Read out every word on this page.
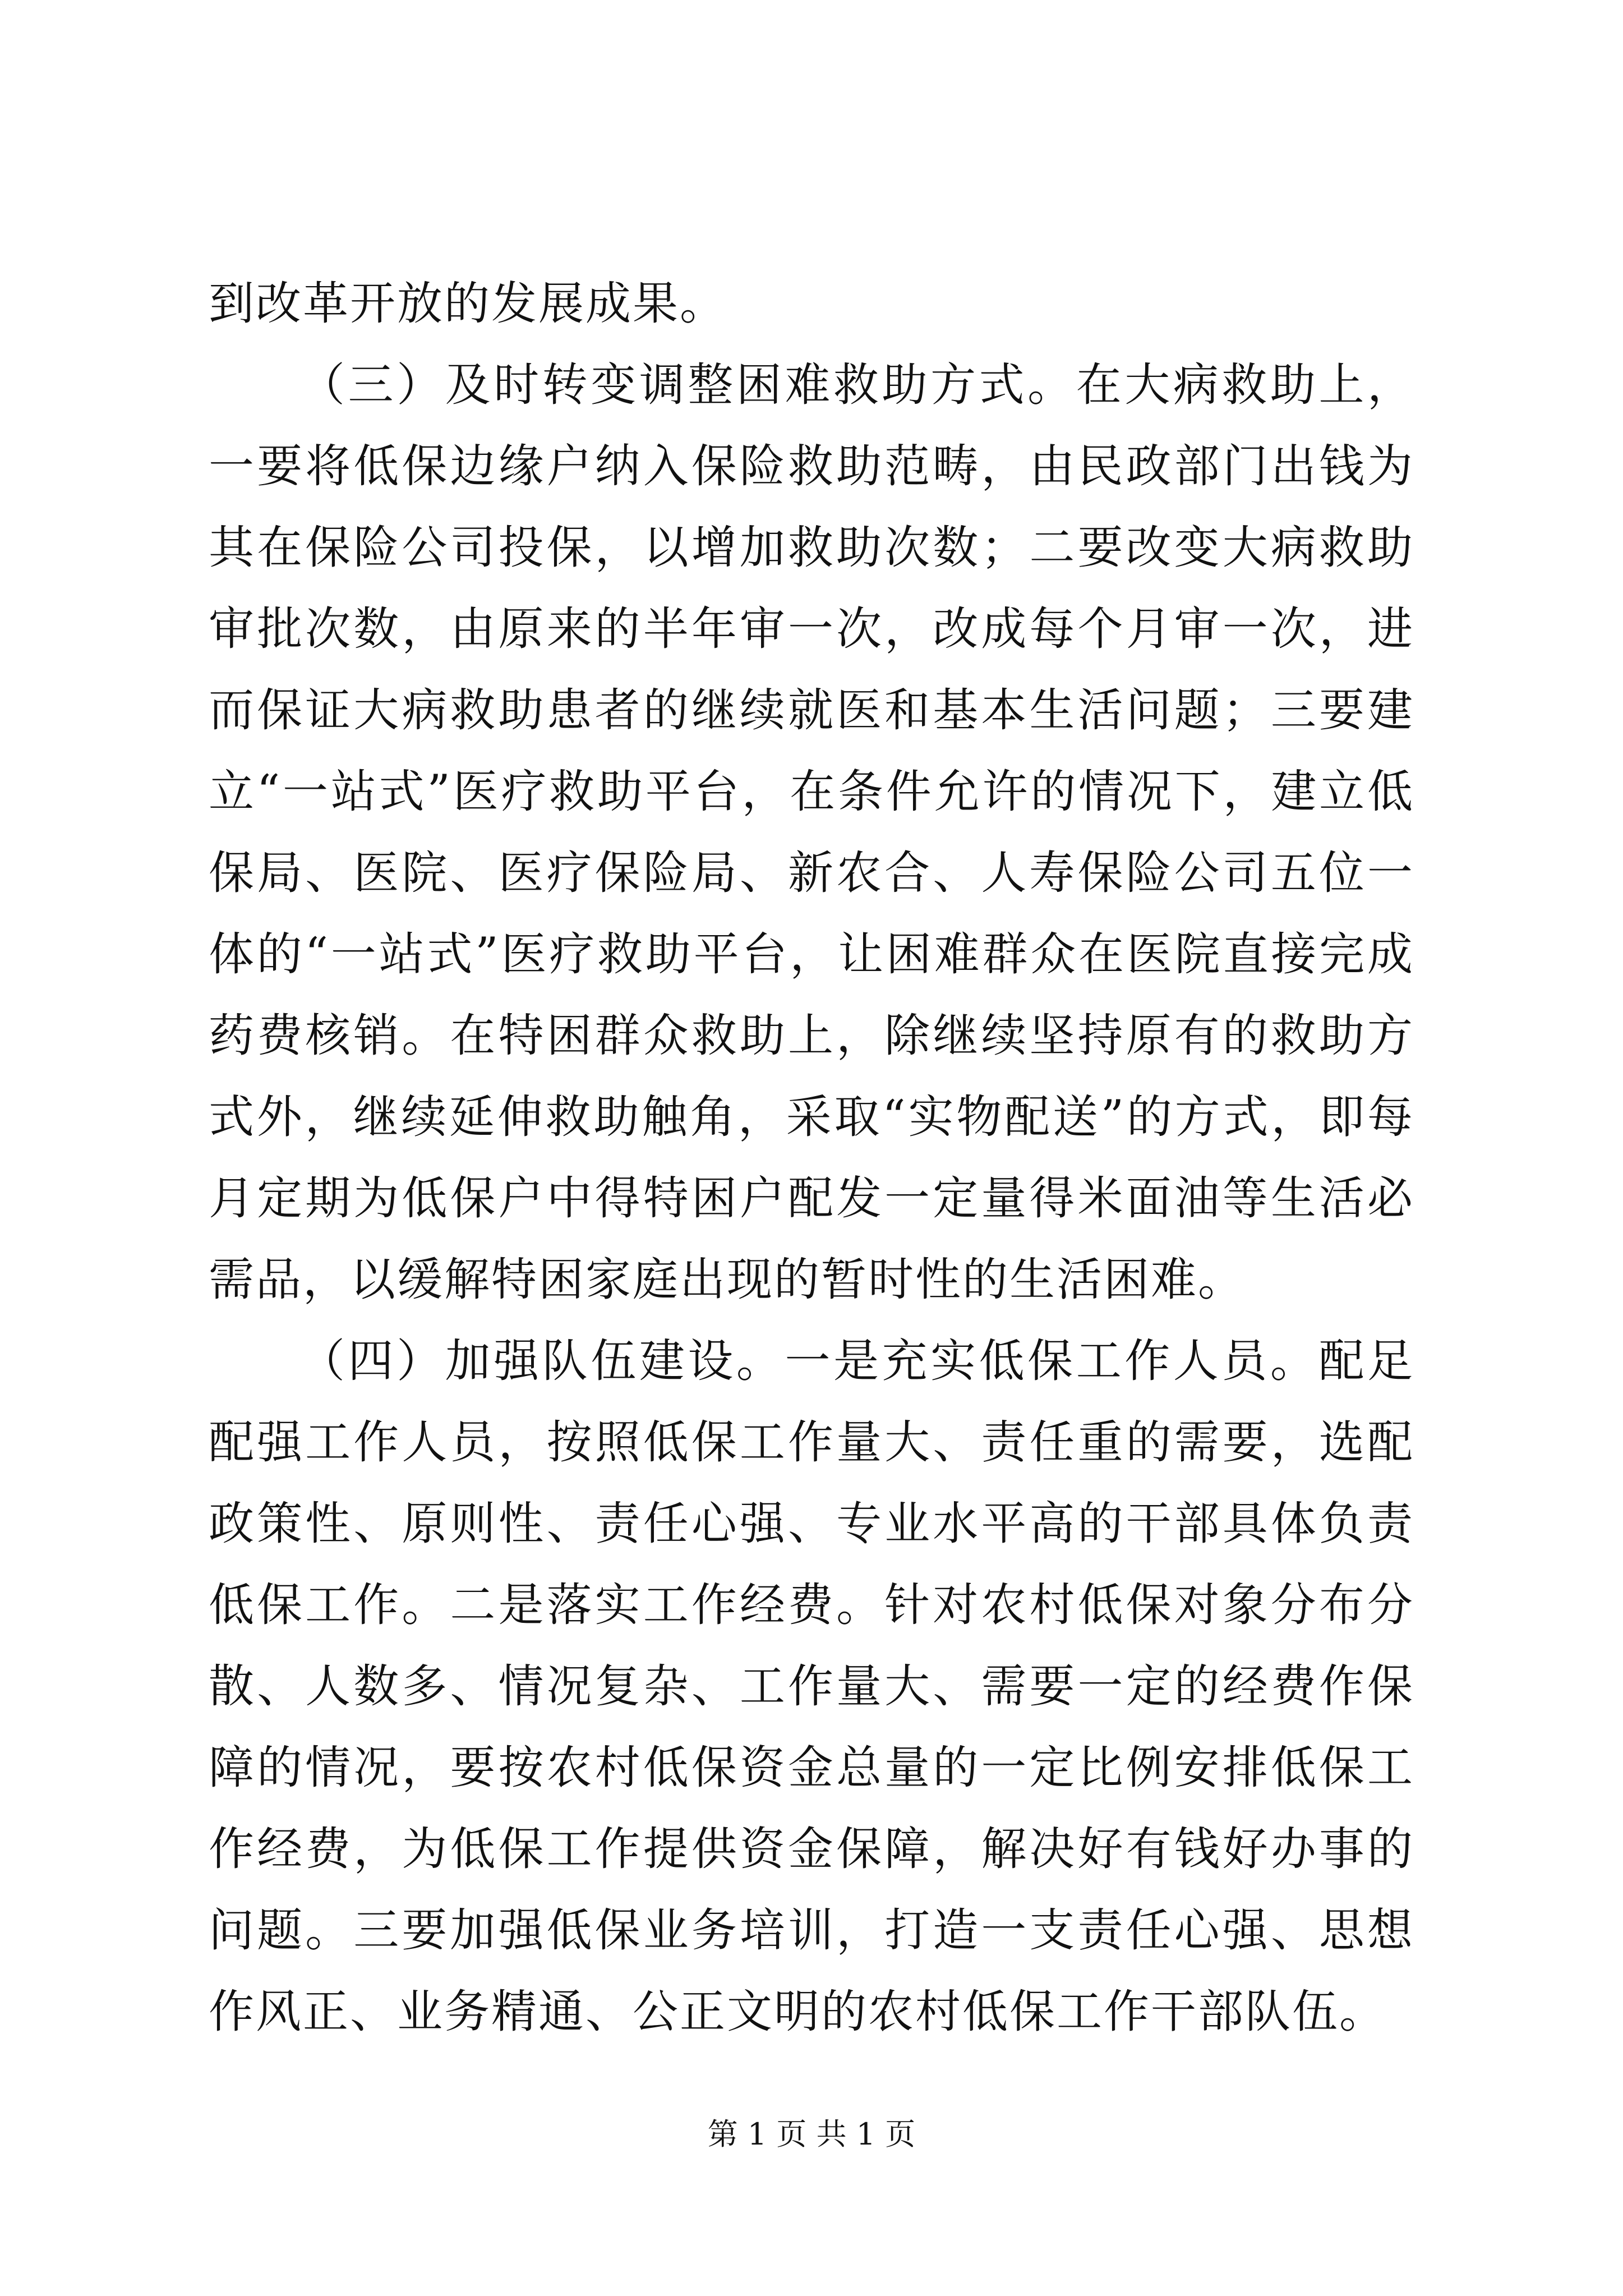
到改革开放的发展成果。

（三）及时转变调整困难救助方式。在大病救助上，一要将低保边缘户纳入保险救助范畴，由民政部门出钱为其在保险公司投保，以增加救助次数；二要改变大病救助审批次数，由原来的半年审一次，改成每个月审一次，进而保证大病救助患者的继续就医和基本生活问题；三要建立“一站式”医疗救助平台，在条件允许的情况下，建立低保局、医院、医疗保险局、新农合、人寿保险公司五位一体的“一站式”医疗救助平台，让困难群众在医院直接完成药费核销。在特困群众救助上，除继续坚持原有的救助方式外，继续延伸救助触角，采取“实物配送”的方式，即每月定期为低保户中得特困户配发一定量得米面油等生活必需品，以缓解特困家庭出现的暂时性的生活困难。

（四）加强队伍建设。一是充实低保工作人员。配足配强工作人员，按照低保工作量大、责任重的需要，选配政策性、原则性、责任心强、专业水平高的干部具体负责低保工作。二是落实工作经费。针对农村低保对象分布分散、人数多、情况复杂、工作量大、需要一定的经费作保障的情况，要按农村低保资金总量的一定比例安排低保工作经费，为低保工作提供资金保障，解决好有钱好办事的问题。三要加强低保业务培训，打造一支责任心强、思想作风正、业务精通、公正文明的农村低保工作干部队伍。

第 1 页 共 1 页
